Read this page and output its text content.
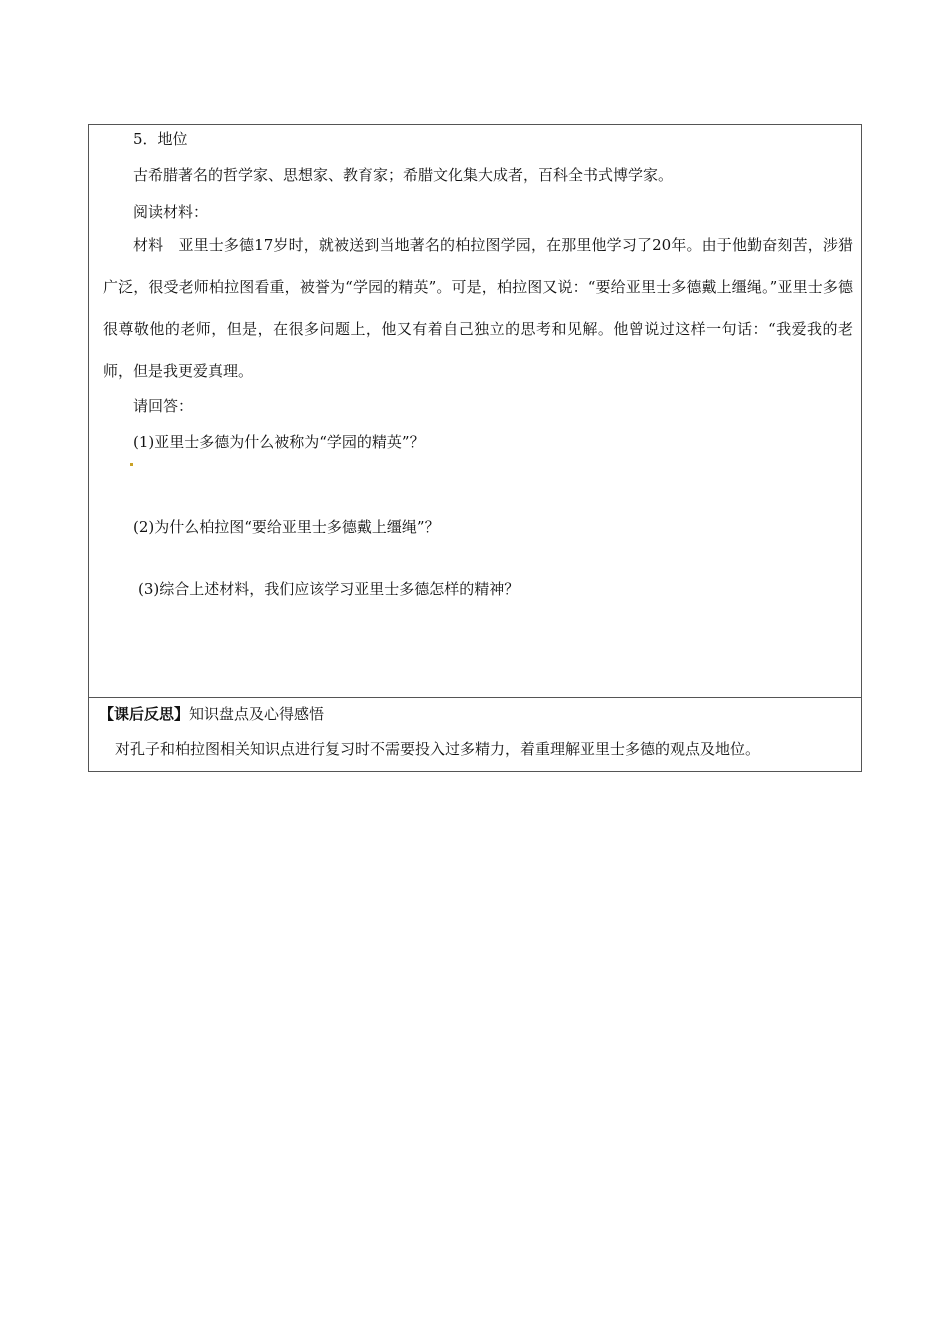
5．地位
古希腊著名的哲学家、思想家、教育家；希腊文化集大成者，百科全书式博学家。
阅读材料：
材料　亚里士多德17岁时，就被送到当地著名的柏拉图学园，在那里他学习了20年。由于他勤奋刻苦，涉猎广泛，很受老师柏拉图看重，被誉为“学园的精英”。可是，柏拉图又说：“要给亚里士多德戴上缰绳。”亚里士多德很尊敬他的老师，但是，在很多问题上，他又有着自己独立的思考和见解。他曾说过这样一句话：“我爱我的老师，但是我更爱真理。
请回答：
(1)亚里士多德为什么被称为“学园的精英”？
(2)为什么柏拉图“要给亚里士多德戴上缰绳”？
(3)综合上述材料，我们应该学习亚里士多德怎样的精神？
【课后反思】知识盘点及心得感悟
对孔子和柏拉图相关知识点进行复习时不需要投入过多精力，着重理解亚里士多德的观点及地位。
